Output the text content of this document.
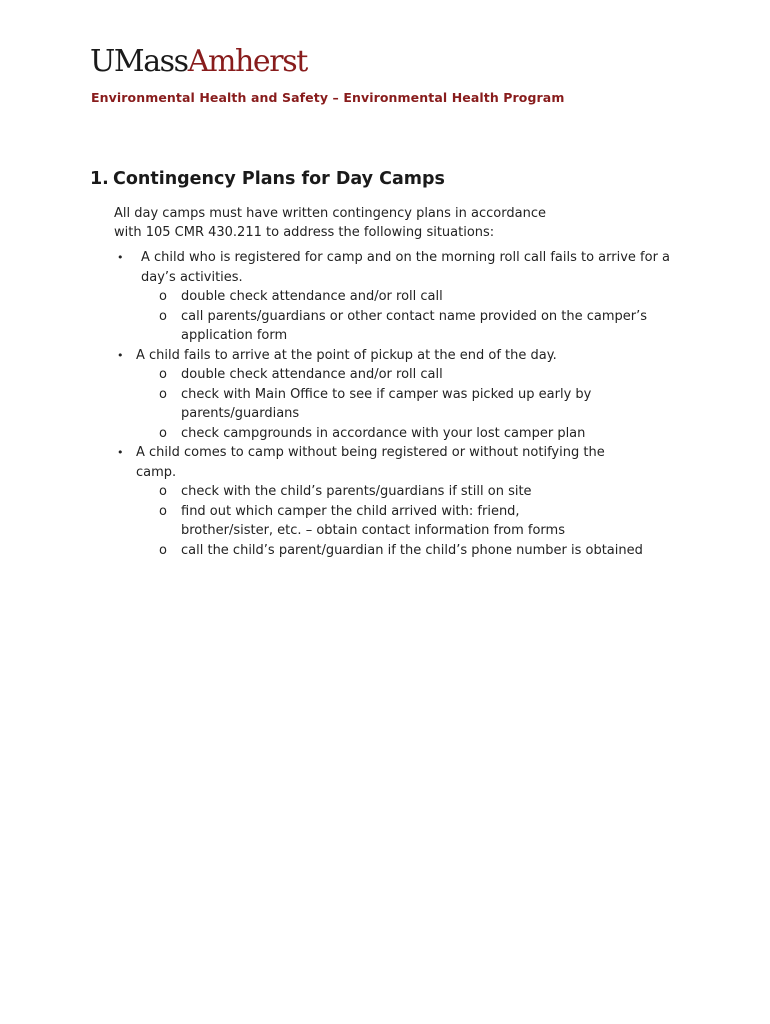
UMassAmherst
Environmental Health and Safety – Environmental Health Program
1. Contingency Plans for Day Camps
All day camps must have written contingency plans in accordance
with 105 CMR 430.211 to address the following situations:
• A child who is registered for camp and on the morning roll call fails to arrive for a day’s activities.
o double check attendance and/or roll call
o call parents/guardians or other contact name provided on the camper’s application form
• A child fails to arrive at the point of pickup at the end of the day.
o double check attendance and/or roll call
o check with Main Office to see if camper was picked up early by parents/guardians
o check campgrounds in accordance with your lost camper plan
• A child comes to camp without being registered or without notifying the camp.
o check with the child’s parents/guardians if still on site
o find out which camper the child arrived with: friend, brother/sister, etc. – obtain contact information from forms
o call the child’s parent/guardian if the child’s phone number is obtained
